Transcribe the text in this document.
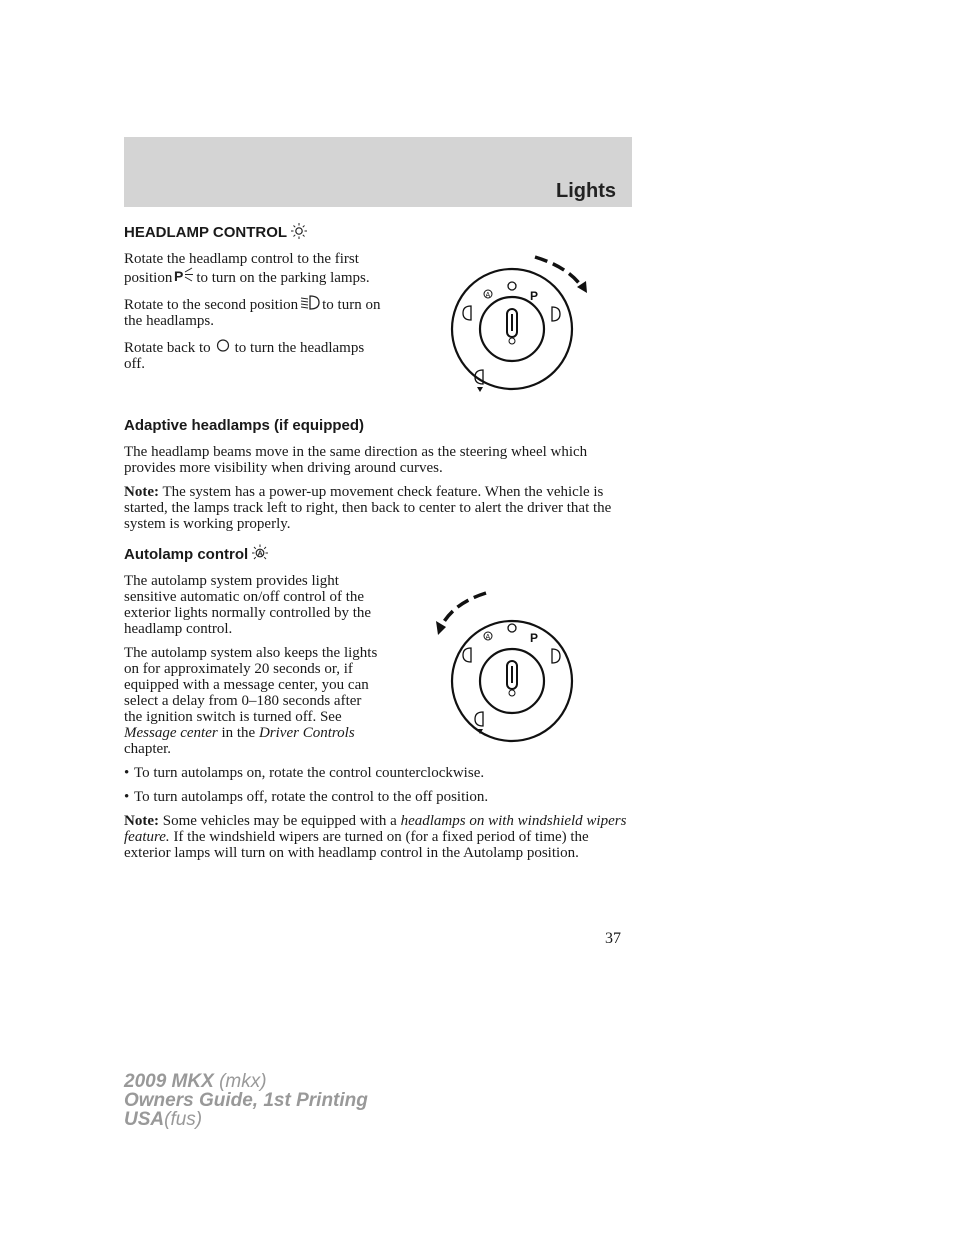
Lights
HEADLAMP CONTROL

Rotate the headlamp control to the first position P to turn on the parking lamps.

Rotate to the second position to turn on the headlamps.

Rotate back to to turn the headlamps off.

Adaptive headlamps (if equipped)

The headlamp beams move in the same direction as the steering wheel which provides more visibility when driving around curves.

Note: The system has a power-up movement check feature. When the vehicle is started, the lamps track left to right, then back to center to alert the driver that the system is working properly.

Autolamp control A

The autolamp system provides light sensitive automatic on/off control of the exterior lights normally controlled by the headlamp control.

The autolamp system also keeps the lights on for approximately 20 seconds or, if equipped with a message center, you can select a delay from 0–180 seconds after the ignition switch is turned off. See Message center in the Driver Controls chapter.

• To turn autolamps on, rotate the control counterclockwise.
• To turn autolamps off, rotate the control to the off position.

Note: Some vehicles may be equipped with a headlamps on with windshield wipers feature. If the windshield wipers are turned on (for a fixed period of time) the exterior lamps will turn on with headlamp control in the Autolamp position.

A	P
A	P
37
2009 MKX (mkx)
Owners Guide, 1st Printing
USA(fus)
carmanualsonline.info
